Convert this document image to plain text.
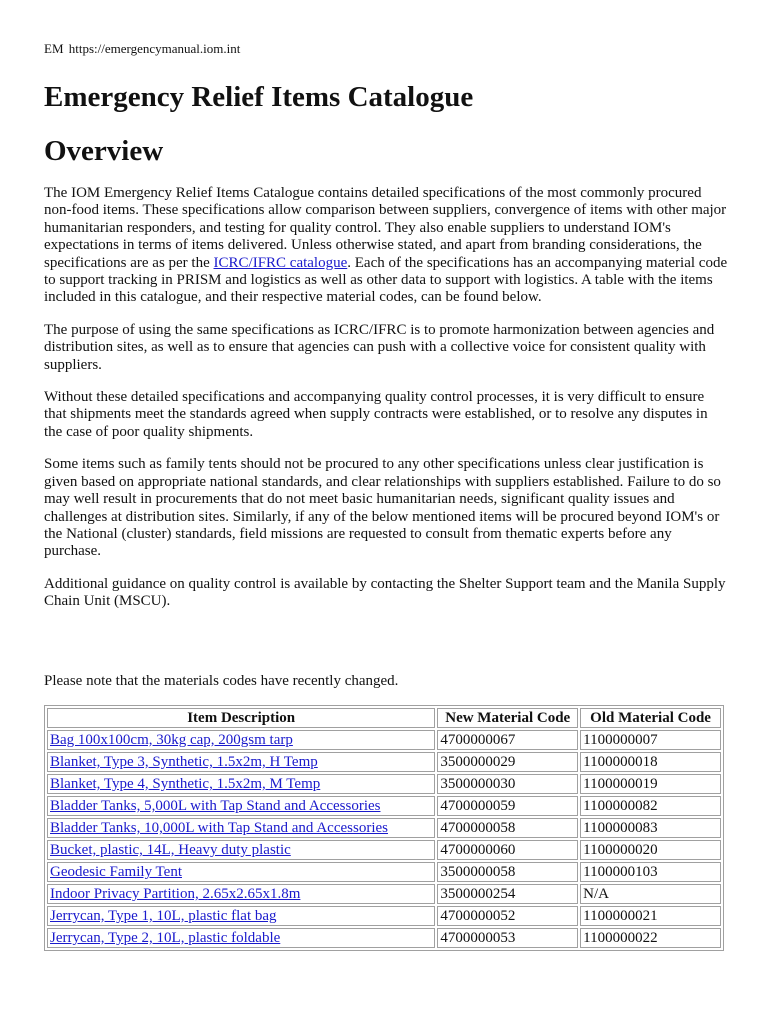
EM https://emergencymanual.iom.int
Emergency Relief Items Catalogue
Overview

The IOM Emergency Relief Items Catalogue contains detailed specifications of the most commonly procured non-food items. These specifications allow comparison between suppliers, convergence of items with other major humanitarian responders, and testing for quality control. They also enable suppliers to understand IOM's expectations in terms of items delivered. Unless otherwise stated, and apart from branding considerations, the specifications are as per the ICRC/IFRC catalogue. Each of the specifications has an accompanying material code to support tracking in PRISM and logistics as well as other data to support with logistics. A table with the items included in this catalogue, and their respective material codes, can be found below.

The purpose of using the same specifications as ICRC/IFRC is to promote harmonization between agencies and distribution sites, as well as to ensure that agencies can push with a collective voice for consistent quality with suppliers.

Without these detailed specifications and accompanying quality control processes, it is very difficult to ensure that shipments meet the standards agreed when supply contracts were established, or to resolve any disputes in the case of poor quality shipments.

Some items such as family tents should not be procured to any other specifications unless clear justification is given based on appropriate national standards, and clear relationships with suppliers established. Failure to do so may well result in procurements that do not meet basic humanitarian needs, significant quality issues and challenges at distribution sites. Similarly, if any of the below mentioned items will be procured beyond IOM's or the National (cluster) standards, field missions are requested to consult from thematic experts before any purchase.

Additional guidance on quality control is available by contacting the Shelter Support team and the Manila Supply Chain Unit (MSCU).

Please note that the materials codes have recently changed.

Item Description	New Material Code	Old Material Code
Bag 100x100cm, 30kg cap, 200gsm tarp	4700000067	1100000007
Blanket, Type 3, Synthetic, 1.5x2m, H Temp	3500000029	1100000018
Blanket, Type 4, Synthetic, 1.5x2m, M Temp	3500000030	1100000019
Bladder Tanks, 5,000L with Tap Stand and Accessories	4700000059	1100000082
Bladder Tanks, 10,000L with Tap Stand and Accessories	4700000058	1100000083
Bucket, plastic, 14L, Heavy duty plastic	4700000060	1100000020
Geodesic Family Tent	3500000058	1100000103
Indoor Privacy Partition, 2.65x2.65x1.8m	3500000254	N/A
Jerrycan, Type 1, 10L, plastic flat bag	4700000052	1100000021
Jerrycan, Type 2, 10L, plastic foldable	4700000053	1100000022
